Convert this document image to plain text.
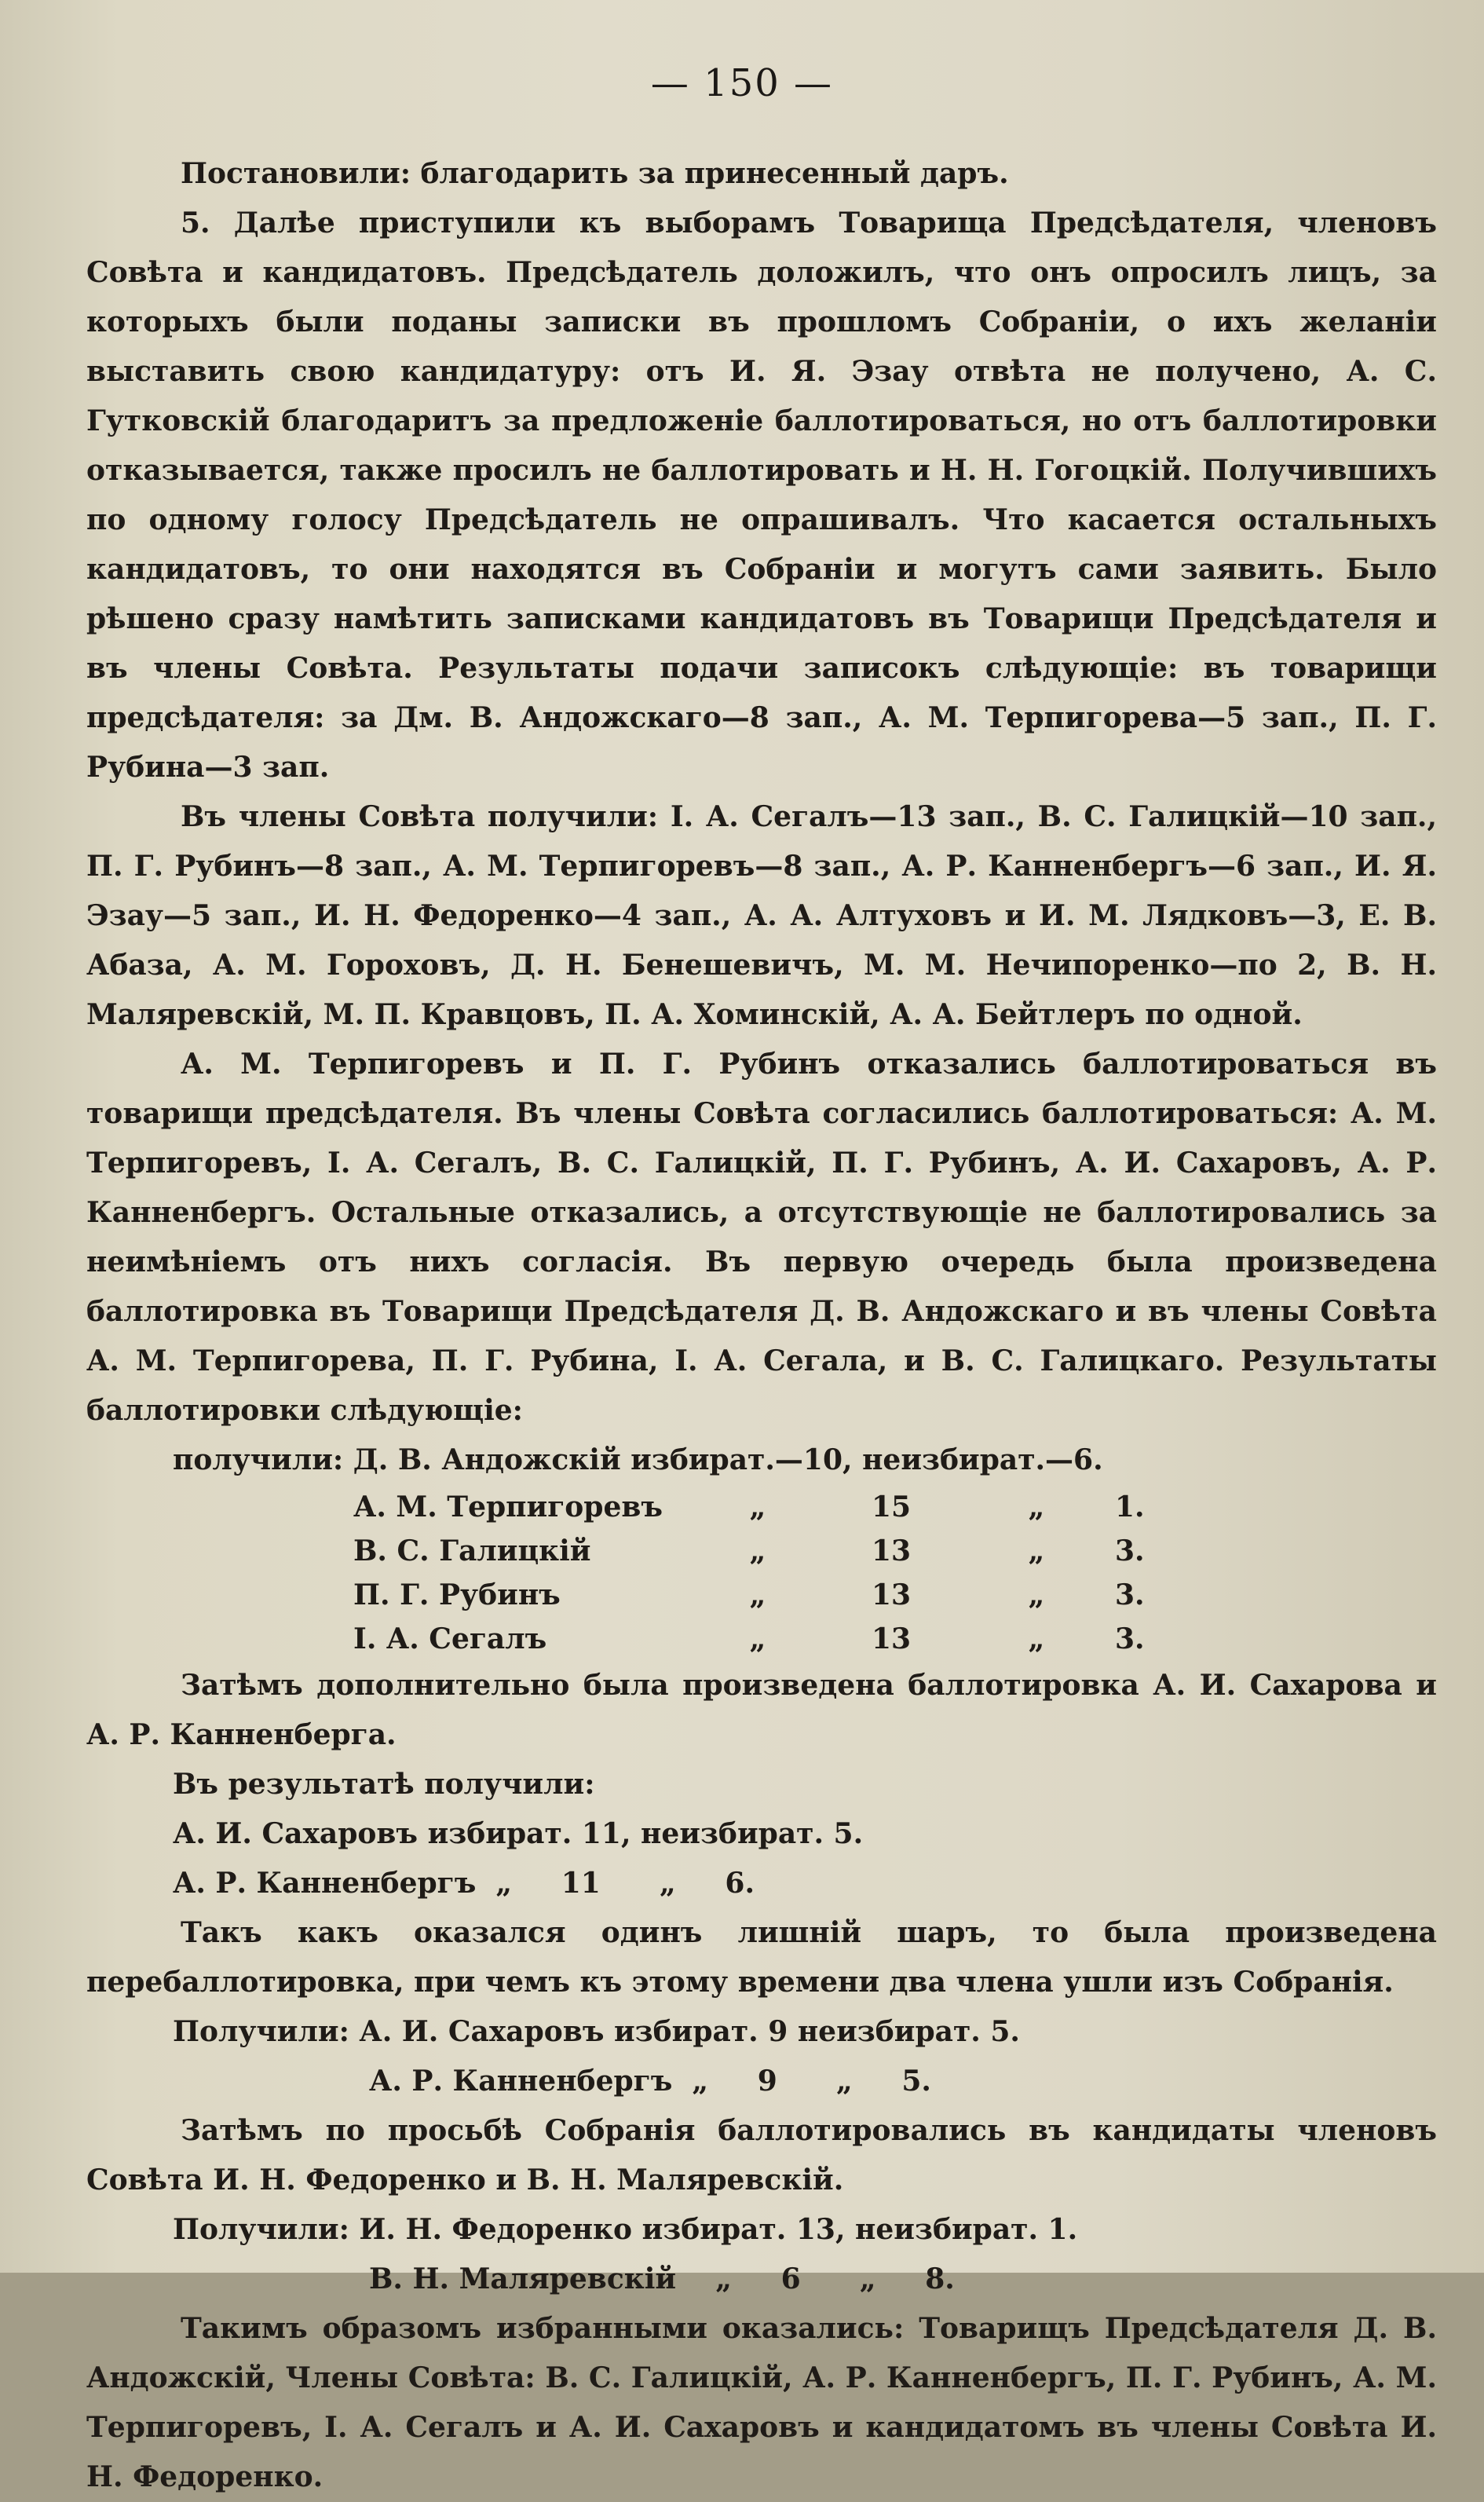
— 150 —

Постановили: благодарить за принесенный даръ.

5. Далѣе приступили къ выборамъ Товарища Предсѣдателя, членовъ Совѣта и кандидатовъ. Предсѣдатель доложилъ, что онъ опросилъ лицъ, за которыхъ были поданы записки въ прошломъ Собраніи, о ихъ желаніи выставить свою кандидатуру: отъ И. Я. Эзау отвѣта не получено, А. С. Гутковскій благодаритъ за предложеніе баллотироваться, но отъ баллотировки отказывается, также просилъ не баллотировать и Н. Н. Гогоцкій. Получившихъ по одному голосу Предсѣдатель не опрашивалъ. Что касается остальныхъ кандидатовъ, то они находятся въ Собраніи и могутъ сами заявить. Было рѣшено сразу намѣтить записками кандидатовъ въ Товарищи Предсѣдателя и въ члены Совѣта. Результаты подачи записокъ слѣдующіе: въ товарищи предсѣдателя: за Дм. В. Андожскаго—8 зап., А. М. Терпигорева—5 зап., П. Г. Рубина—3 зап.

Въ члены Совѣта получили: І. А. Сегалъ—13 зап., В. С. Галицкій—10 зап., П. Г. Рубинъ—8 зап., А. М. Терпигоревъ—8 зап., А. Р. Канненбергъ—6 зап., И. Я. Эзау—5 зап., И. Н. Федоренко—4 зап., А. А. Алтуховъ и И. М. Лядковъ—3, Е. В. Абаза, А. М. Гороховъ, Д. Н. Бенешевичъ, М. М. Нечипоренко—по 2, В. Н. Маляревскій, М. П. Кравцовъ, П. А. Хоминскій, А. А. Бейтлеръ по одной.

А. М. Терпигоревъ и П. Г. Рубинъ отказались баллотироваться въ товарищи предсѣдателя. Въ члены Совѣта согласились баллотироваться: А. М. Терпигоревъ, І. А. Сегалъ, В. С. Галицкій, П. Г. Рубинъ, А. И. Сахаровъ, А. Р. Канненбергъ. Остальные отказались, а отсутствующіе не баллотировались за неимѣніемъ отъ нихъ согласія. Въ первую очередь была произведена баллотировка въ Товарищи Предсѣдателя Д. В. Андожскаго и въ члены Совѣта А. М. Терпигорева, П. Г. Рубина, І. А. Сегала, и В. С. Галицкаго. Результаты баллотировки слѣдующіе:

получили: Д. В. Андожскій избират.—10, неизбират.—6.

А. М. Терпигоревъ	„	15	„	1.
В. С. Галицкій	„	13	„	3.
П. Г. Рубинъ	„	13	„	3.
І. А. Сегалъ	„	13	„	3.

Затѣмъ дополнительно была произведена баллотировка А. И. Сахарова и А. Р. Канненберга.

Въ результатѣ получили:

А. И. Сахаровъ избират. 11, неизбират. 5.

А. Р. Канненбергъ  „     11      „     6.

Такъ какъ оказался одинъ лишній шаръ, то была произведена перебаллотировка, при чемъ къ этому времени два члена ушли изъ Собранія.

Получили: А. И. Сахаровъ избират. 9 неизбират. 5.

А. Р. Канненбергъ  „     9      „     5.

Затѣмъ по просьбѣ Собранія баллотировались въ кандидаты членовъ Совѣта И. Н. Федоренко и В. Н. Маляревскій.

Получили: И. Н. Федоренко избират. 13, неизбират. 1.

В. Н. Маляревскій    „     6      „     8.

Такимъ образомъ избранными оказались: Товарищъ Предсѣдателя Д. В. Андожскій, Члены Совѣта: В. С. Галицкій, А. Р. Канненбергъ, П. Г. Рубинъ, А. М. Терпигоревъ, І. А. Сегалъ и А. И. Сахаровъ и кандидатомъ въ члены Совѣта И. Н. Федоренко.
